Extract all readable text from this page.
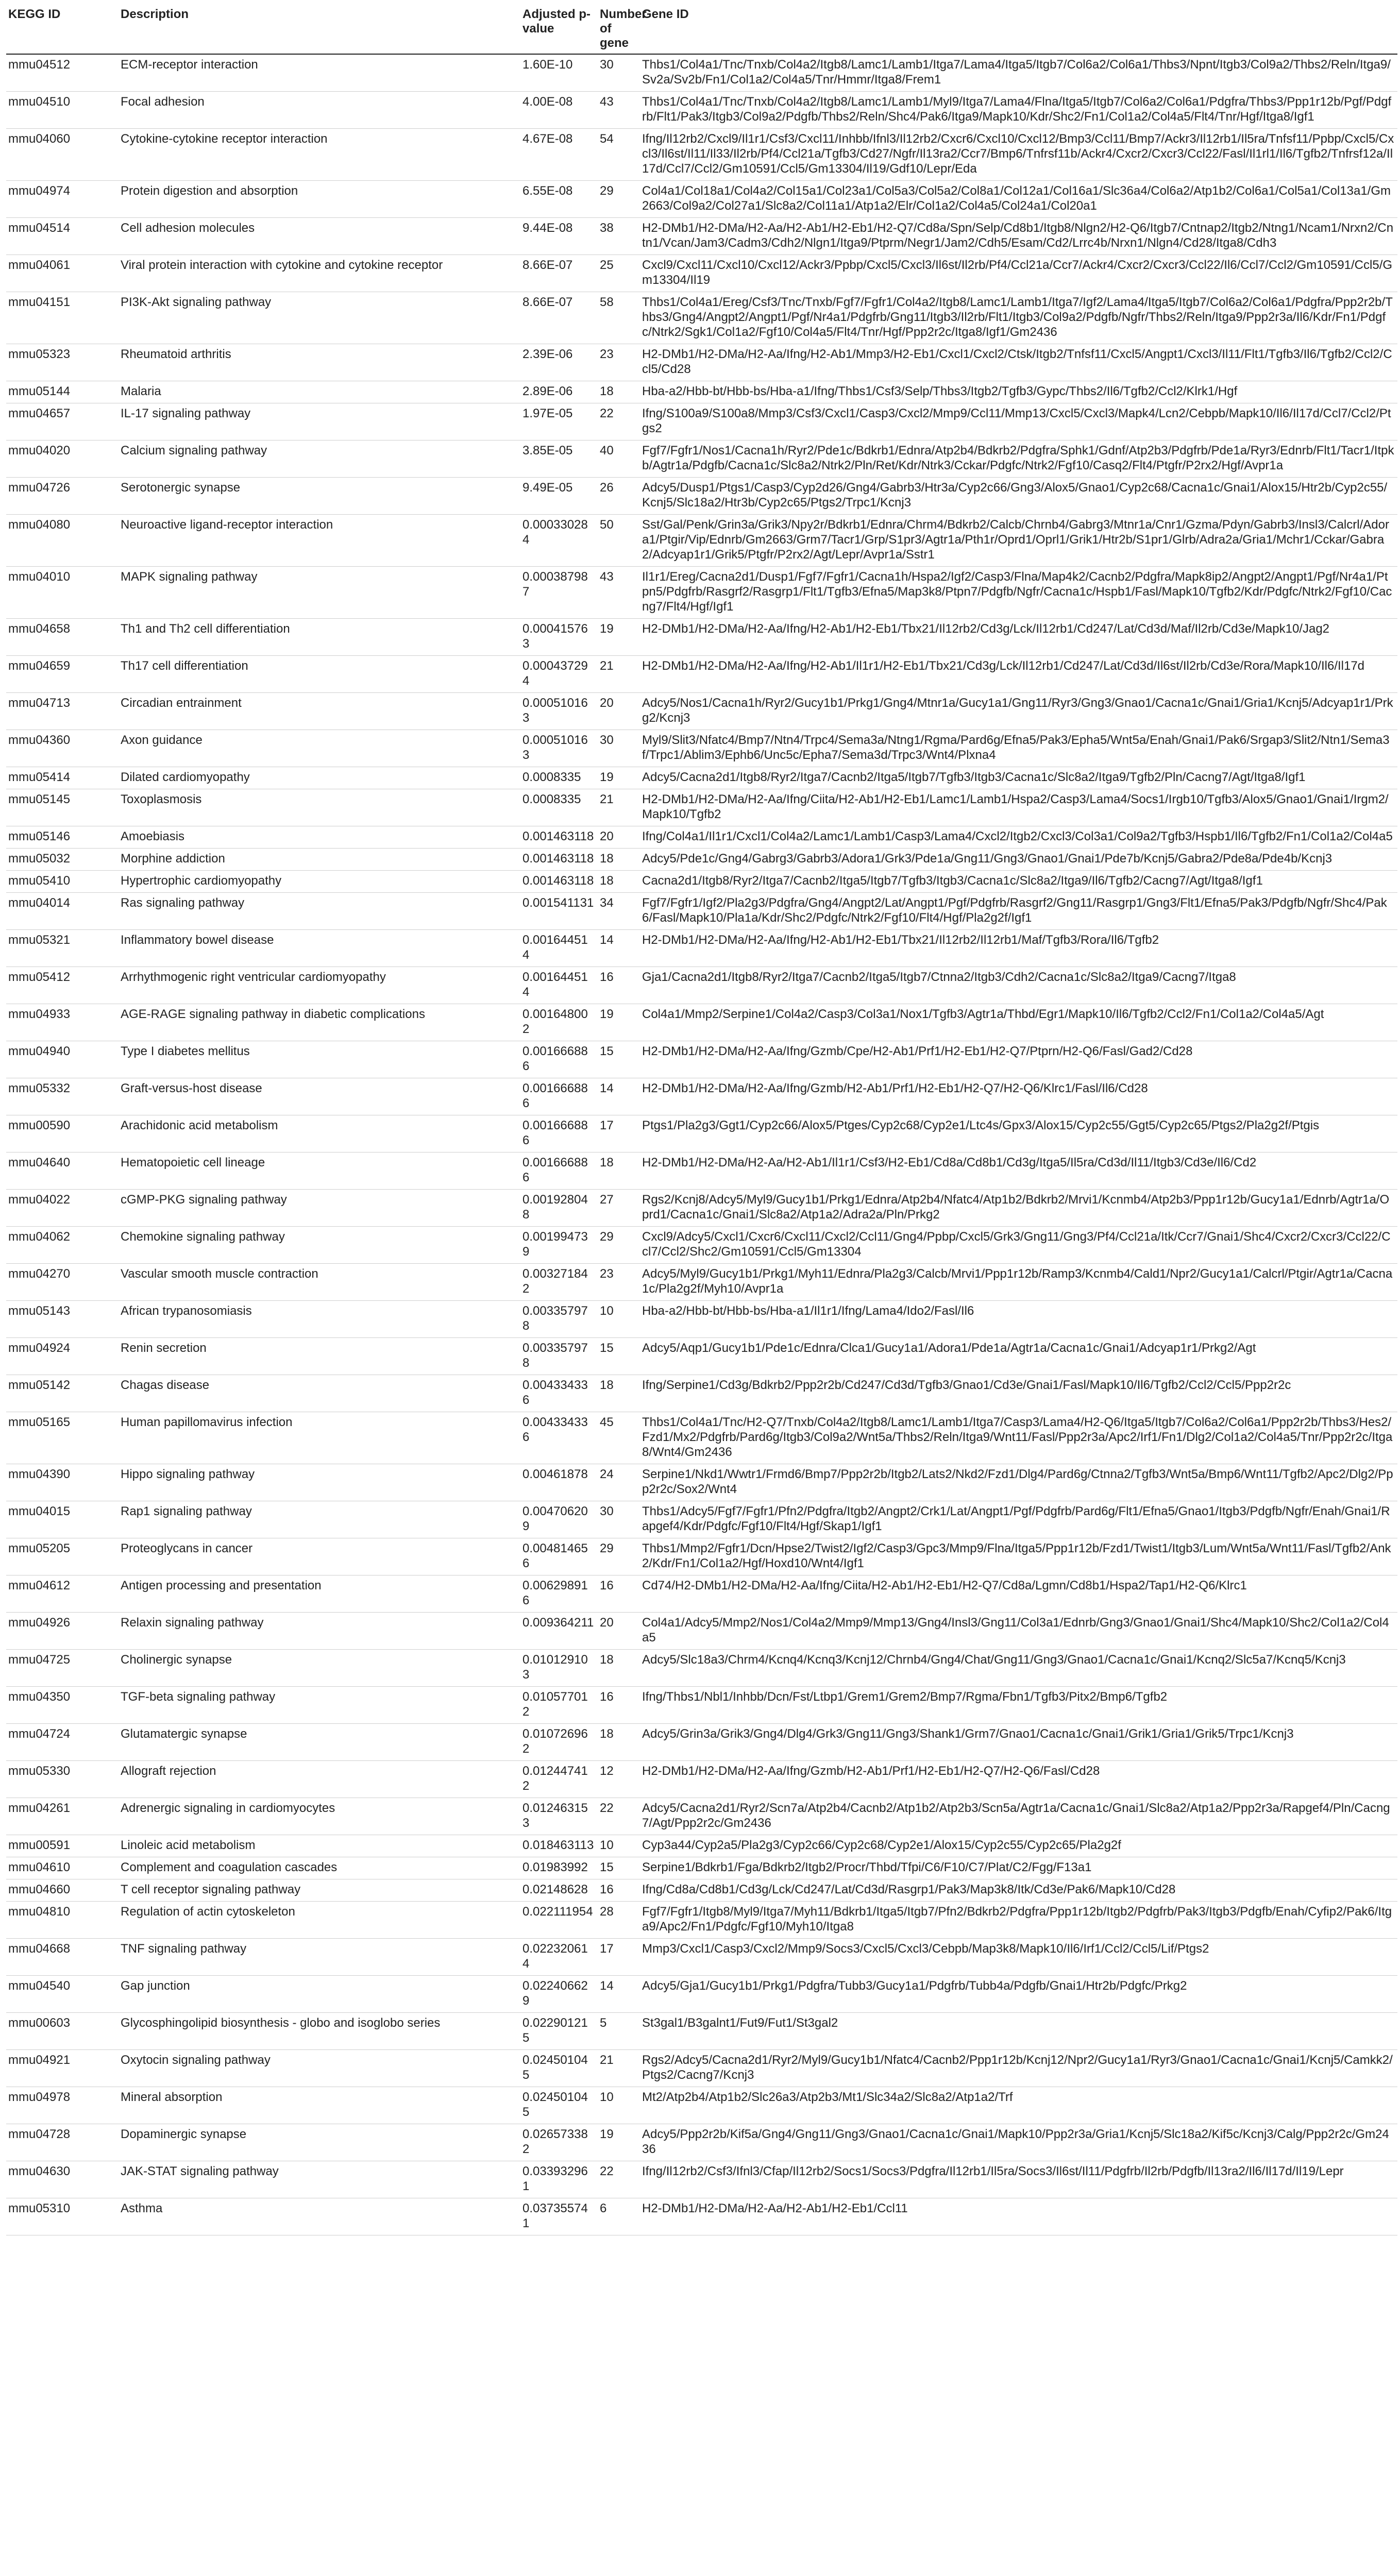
KEGG ID	Description	Adjusted p-value	Number of gene	Gene ID
mmu04512	ECM-receptor interaction	1.60E-10	30	Thbs1/Col4a1/Tnc/Tnxb/Col4a2/Itgb8/Lamc1/Lamb1/Itga7/Lama4/Itga5/Itgb7/Col6a2/Col6a1/Thbs3/Npnt/Itgb3/Col9a2/Thbs2/Reln/Itga9/Sv2a/Sv2b/Fn1/Col1a2/Col4a5/Tnr/Hmmr/Itga8/Frem1
mmu04510	Focal adhesion	4.00E-08	43	Thbs1/Col4a1/Tnc/Tnxb/Col4a2/Itgb8/Lamc1/Lamb1/Myl9/Itga7/Lama4/Flna/Itga5/Itgb7/Col6a2/Col6a1/Pdgfra/Thbs3/Ppp1r12b/Pgf/Pdgfrb/Flt1/Pak3/Itgb3/Col9a2/Pdgfb/Thbs2/Reln/Shc4/Pak6/Itga9/Mapk10/Kdr/Shc2/Fn1/Col1a2/Col4a5/Flt4/Tnr/Hgf/Itga8/Igf1
mmu04060	Cytokine-cytokine receptor interaction	4.67E-08	54	Ifng/Il12rb2/Cxcl9/Il1r1/Csf3/Cxcl11/Inhbb/Ifnl3/Il12rb2/Cxcr6/Cxcl10/Cxcl12/Bmp3/Ccl11/Bmp7/Ackr3/Il12rb1/Il5ra/Tnfsf11/Ppbp/Cxcl5/Cxcl3/Il6st/Il11/Il33/Il2rb/Pf4/Ccl21a/Tgfb3/Cd27/Ngfr/Il13ra2/Ccr7/Bmp6/Tnfrsf11b/Ackr4/Cxcr2/Cxcr3/Ccl22/Fasl/Il1rl1/Il6/Tgfb2/Tnfrsf12a/Il17d/Ccl7/Ccl2/Gm10591/Ccl5/Gm13304/Il19/Gdf10/Lepr/Eda
mmu04974	Protein digestion and absorption	6.55E-08	29	Col4a1/Col18a1/Col4a2/Col15a1/Col23a1/Col5a3/Col5a2/Col8a1/Col12a1/Col16a1/Slc36a4/Col6a2/Atp1b2/Col6a1/Col5a1/Col13a1/Gm2663/Col9a2/Col27a1/Slc8a2/Col11a1/Atp1a2/Elr/Col1a2/Col4a5/Col24a1/Col20a1
mmu04514	Cell adhesion molecules	9.44E-08	38	H2-DMb1/H2-DMa/H2-Aa/H2-Ab1/H2-Eb1/H2-Q7/Cd8a/Spn/Selp/Cd8b1/Itgb8/Nlgn2/H2-Q6/Itgb7/Cntnap2/Itgb2/Ntng1/Ncam1/Nrxn2/Cntn1/Vcan/Jam3/Cadm3/Cdh2/Nlgn1/Itga9/Ptprm/Negr1/Jam2/Cdh5/Esam/Cd2/Lrrc4b/Nrxn1/Nlgn4/Cd28/Itga8/Cdh3
mmu04061	Viral protein interaction with cytokine and cytokine receptor	8.66E-07	25	Cxcl9/Cxcl11/Cxcl10/Cxcl12/Ackr3/Ppbp/Cxcl5/Cxcl3/Il6st/Il2rb/Pf4/Ccl21a/Ccr7/Ackr4/Cxcr2/Cxcr3/Ccl22/Il6/Ccl7/Ccl2/Gm10591/Ccl5/Gm13304/Il19
mmu04151	PI3K-Akt signaling pathway	8.66E-07	58	Thbs1/Col4a1/Ereg/Csf3/Tnc/Tnxb/Fgf7/Fgfr1/Col4a2/Itgb8/Lamc1/Lamb1/Itga7/Igf2/Lama4/Itga5/Itgb7/Col6a2/Col6a1/Pdgfra/Ppp2r2b/Thbs3/Gng4/Angpt2/Angpt1/Pgf/Nr4a1/Pdgfrb/Gng11/Itgb3/Il2rb/Flt1/Itgb3/Col9a2/Pdgfb/Ngfr/Thbs2/Reln/Itga9/Ppp2r3a/Il6/Kdr/Fn1/Pdgfc/Ntrk2/Sgk1/Col1a2/Fgf10/Col4a5/Flt4/Tnr/Hgf/Ppp2r2c/Itga8/Igf1/Gm2436
mmu05323	Rheumatoid arthritis	2.39E-06	23	H2-DMb1/H2-DMa/H2-Aa/Ifng/H2-Ab1/Mmp3/H2-Eb1/Cxcl1/Cxcl2/Ctsk/Itgb2/Tnfsf11/Cxcl5/Angpt1/Cxcl3/Il11/Flt1/Tgfb3/Il6/Tgfb2/Ccl2/Ccl5/Cd28
mmu05144	Malaria	2.89E-06	18	Hba-a2/Hbb-bt/Hbb-bs/Hba-a1/Ifng/Thbs1/Csf3/Selp/Thbs3/Itgb2/Tgfb3/Gypc/Thbs2/Il6/Tgfb2/Ccl2/Klrk1/Hgf
mmu04657	IL-17 signaling pathway	1.97E-05	22	Ifng/S100a9/S100a8/Mmp3/Csf3/Cxcl1/Casp3/Cxcl2/Mmp9/Ccl11/Mmp13/Cxcl5/Cxcl3/Mapk4/Lcn2/Cebpb/Mapk10/Il6/Il17d/Ccl7/Ccl2/Ptgs2
mmu04020	Calcium signaling pathway	3.85E-05	40	Fgf7/Fgfr1/Nos1/Cacna1h/Ryr2/Pde1c/Bdkrb1/Ednra/Atp2b4/Bdkrb2/Pdgfra/Sphk1/Gdnf/Atp2b3/Pdgfrb/Pde1a/Ryr3/Ednrb/Flt1/Tacr1/Itpkb/Agtr1a/Pdgfb/Cacna1c/Slc8a2/Ntrk2/Pln/Ret/Kdr/Ntrk3/Cckar/Pdgfc/Ntrk2/Fgf10/Casq2/Flt4/Ptgfr/P2rx2/Hgf/Avpr1a
mmu04726	Serotonergic synapse	9.49E-05	26	Adcy5/Dusp1/Ptgs1/Casp3/Cyp2d26/Gng4/Gabrb3/Htr3a/Cyp2c66/Gng3/Alox5/Gnao1/Cyp2c68/Cacna1c/Gnai1/Alox15/Htr2b/Cyp2c55/Kcnj5/Slc18a2/Htr3b/Cyp2c65/Ptgs2/Trpc1/Kcnj3
mmu04080	Neuroactive ligand-receptor interaction	0.000330284	50	Sst/Gal/Penk/Grin3a/Grik3/Npy2r/Bdkrb1/Ednra/Chrm4/Bdkrb2/Calcb/Chrnb4/Gabrg3/Mtnr1a/Cnr1/Gzma/Pdyn/Gabrb3/Insl3/Calcrl/Adora1/Ptgir/Vip/Ednrb/Gm2663/Grm7/Tacr1/Grp/S1pr3/Agtr1a/Pth1r/Oprd1/Oprl1/Grik1/Htr2b/S1pr1/Glrb/Adra2a/Gria1/Mchr1/Cckar/Gabra2/Adcyap1r1/Grik5/Ptgfr/P2rx2/Agt/Lepr/Avpr1a/Sstr1
mmu04010	MAPK signaling pathway	0.000387987	43	Il1r1/Ereg/Cacna2d1/Dusp1/Fgf7/Fgfr1/Cacna1h/Hspa2/Igf2/Casp3/Flna/Map4k2/Cacnb2/Pdgfra/Mapk8ip2/Angpt2/Angpt1/Pgf/Nr4a1/Ptpn5/Pdgfrb/Rasgrf2/Rasgrp1/Flt1/Tgfb3/Efna5/Map3k8/Ptpn7/Pdgfb/Ngfr/Cacna1c/Hspb1/Fasl/Mapk10/Tgfb2/Kdr/Pdgfc/Ntrk2/Fgf10/Cacng7/Flt4/Hgf/Igf1
mmu04658	Th1 and Th2 cell differentiation	0.000415763	19	H2-DMb1/H2-DMa/H2-Aa/Ifng/H2-Ab1/H2-Eb1/Tbx21/Il12rb2/Cd3g/Lck/Il12rb1/Cd247/Lat/Cd3d/Maf/Il2rb/Cd3e/Mapk10/Jag2
mmu04659	Th17 cell differentiation	0.000437294	21	H2-DMb1/H2-DMa/H2-Aa/Ifng/H2-Ab1/Il1r1/H2-Eb1/Tbx21/Cd3g/Lck/Il12rb1/Cd247/Lat/Cd3d/Il6st/Il2rb/Cd3e/Rora/Mapk10/Il6/Il17d
mmu04713	Circadian entrainment	0.000510163	20	Adcy5/Nos1/Cacna1h/Ryr2/Gucy1b1/Prkg1/Gng4/Mtnr1a/Gucy1a1/Gng11/Ryr3/Gng3/Gnao1/Cacna1c/Gnai1/Gria1/Kcnj5/Adcyap1r1/Prkg2/Kcnj3
mmu04360	Axon guidance	0.000510163	30	Myl9/Slit3/Nfatc4/Bmp7/Ntn4/Trpc4/Sema3a/Ntng1/Rgma/Pard6g/Efna5/Pak3/Epha5/Wnt5a/Enah/Gnai1/Pak6/Srgap3/Slit2/Ntn1/Sema3f/Trpc1/Ablim3/Ephb6/Unc5c/Epha7/Sema3d/Trpc3/Wnt4/Plxna4
mmu05414	Dilated cardiomyopathy	0.0008335	19	Adcy5/Cacna2d1/Itgb8/Ryr2/Itga7/Cacnb2/Itga5/Itgb7/Tgfb3/Itgb3/Cacna1c/Slc8a2/Itga9/Tgfb2/Pln/Cacng7/Agt/Itga8/Igf1
mmu05145	Toxoplasmosis	0.0008335	21	H2-DMb1/H2-DMa/H2-Aa/Ifng/Ciita/H2-Ab1/H2-Eb1/Lamc1/Lamb1/Hspa2/Casp3/Lama4/Socs1/Irgb10/Tgfb3/Alox5/Gnao1/Gnai1/Irgm2/Mapk10/Tgfb2
mmu05146	Amoebiasis	0.001463118	20	Ifng/Col4a1/Il1r1/Cxcl1/Col4a2/Lamc1/Lamb1/Casp3/Lama4/Cxcl2/Itgb2/Cxcl3/Col3a1/Col9a2/Tgfb3/Hspb1/Il6/Tgfb2/Fn1/Col1a2/Col4a5
mmu05032	Morphine addiction	0.001463118	18	Adcy5/Pde1c/Gng4/Gabrg3/Gabrb3/Adora1/Grk3/Pde1a/Gng11/Gng3/Gnao1/Gnai1/Pde7b/Kcnj5/Gabra2/Pde8a/Pde4b/Kcnj3
mmu05410	Hypertrophic cardiomyopathy	0.001463118	18	Cacna2d1/Itgb8/Ryr2/Itga7/Cacnb2/Itga5/Itgb7/Tgfb3/Itgb3/Cacna1c/Slc8a2/Itga9/Il6/Tgfb2/Cacng7/Agt/Itga8/Igf1
mmu04014	Ras signaling pathway	0.001541131	34	Fgf7/Fgfr1/Igf2/Pla2g3/Pdgfra/Gng4/Angpt2/Lat/Angpt1/Pgf/Pdgfrb/Rasgrf2/Gng11/Rasgrp1/Gng3/Flt1/Efna5/Pak3/Pdgfb/Ngfr/Shc4/Pak6/Fasl/Mapk10/Pla1a/Kdr/Shc2/Pdgfc/Ntrk2/Fgf10/Flt4/Hgf/Pla2g2f/Igf1
mmu05321	Inflammatory bowel disease	0.001644514	14	H2-DMb1/H2-DMa/H2-Aa/Ifng/H2-Ab1/H2-Eb1/Tbx21/Il12rb2/Il12rb1/Maf/Tgfb3/Rora/Il6/Tgfb2
mmu05412	Arrhythmogenic right ventricular cardiomyopathy	0.001644514	16	Gja1/Cacna2d1/Itgb8/Ryr2/Itga7/Cacnb2/Itga5/Itgb7/Ctnna2/Itgb3/Cdh2/Cacna1c/Slc8a2/Itga9/Cacng7/Itga8
mmu04933	AGE-RAGE signaling pathway in diabetic complications	0.001648002	19	Col4a1/Mmp2/Serpine1/Col4a2/Casp3/Col3a1/Nox1/Tgfb3/Agtr1a/Thbd/Egr1/Mapk10/Il6/Tgfb2/Ccl2/Fn1/Col1a2/Col4a5/Agt
mmu04940	Type I diabetes mellitus	0.001666886	15	H2-DMb1/H2-DMa/H2-Aa/Ifng/Gzmb/Cpe/H2-Ab1/Prf1/H2-Eb1/H2-Q7/Ptprn/H2-Q6/Fasl/Gad2/Cd28
mmu05332	Graft-versus-host disease	0.001666886	14	H2-DMb1/H2-DMa/H2-Aa/Ifng/Gzmb/H2-Ab1/Prf1/H2-Eb1/H2-Q7/H2-Q6/Klrc1/Fasl/Il6/Cd28
mmu00590	Arachidonic acid metabolism	0.001666886	17	Ptgs1/Pla2g3/Ggt1/Cyp2c66/Alox5/Ptges/Cyp2c68/Cyp2e1/Ltc4s/Gpx3/Alox15/Cyp2c55/Ggt5/Cyp2c65/Ptgs2/Pla2g2f/Ptgis
mmu04640	Hematopoietic cell lineage	0.001666886	18	H2-DMb1/H2-DMa/H2-Aa/H2-Ab1/Il1r1/Csf3/H2-Eb1/Cd8a/Cd8b1/Cd3g/Itga5/Il5ra/Cd3d/Il11/Itgb3/Cd3e/Il6/Cd2
mmu04022	cGMP-PKG signaling pathway	0.001928048	27	Rgs2/Kcnj8/Adcy5/Myl9/Gucy1b1/Prkg1/Ednra/Atp2b4/Nfatc4/Atp1b2/Bdkrb2/Mrvi1/Kcnmb4/Atp2b3/Ppp1r12b/Gucy1a1/Ednrb/Agtr1a/Oprd1/Cacna1c/Gnai1/Slc8a2/Atp1a2/Adra2a/Pln/Prkg2
mmu04062	Chemokine signaling pathway	0.001994739	29	Cxcl9/Adcy5/Cxcl1/Cxcr6/Cxcl11/Cxcl2/Ccl11/Gng4/Ppbp/Cxcl5/Grk3/Gng11/Gng3/Pf4/Ccl21a/Itk/Ccr7/Gnai1/Shc4/Cxcr2/Cxcr3/Ccl22/Ccl7/Ccl2/Shc2/Gm10591/Ccl5/Gm13304
mmu04270	Vascular smooth muscle contraction	0.003271842	23	Adcy5/Myl9/Gucy1b1/Prkg1/Myh11/Ednra/Pla2g3/Calcb/Mrvi1/Ppp1r12b/Ramp3/Kcnmb4/Cald1/Npr2/Gucy1a1/Calcrl/Ptgir/Agtr1a/Cacna1c/Pla2g2f/Myh10/Avpr1a
mmu05143	African trypanosomiasis	0.003357978	10	Hba-a2/Hbb-bt/Hbb-bs/Hba-a1/Il1r1/Ifng/Lama4/Ido2/Fasl/Il6
mmu04924	Renin secretion	0.003357978	15	Adcy5/Aqp1/Gucy1b1/Pde1c/Ednra/Clca1/Gucy1a1/Adora1/Pde1a/Agtr1a/Cacna1c/Gnai1/Adcyap1r1/Prkg2/Agt
mmu05142	Chagas disease	0.004334336	18	Ifng/Serpine1/Cd3g/Bdkrb2/Ppp2r2b/Cd247/Cd3d/Tgfb3/Gnao1/Cd3e/Gnai1/Fasl/Mapk10/Il6/Tgfb2/Ccl2/Ccl5/Ppp2r2c
mmu05165	Human papillomavirus infection	0.004334336	45	Thbs1/Col4a1/Tnc/H2-Q7/Tnxb/Col4a2/Itgb8/Lamc1/Lamb1/Itga7/Casp3/Lama4/H2-Q6/Itga5/Itgb7/Col6a2/Col6a1/Ppp2r2b/Thbs3/Hes2/Fzd1/Mx2/Pdgfrb/Pard6g/Itgb3/Col9a2/Wnt5a/Thbs2/Reln/Itga9/Wnt11/Fasl/Ppp2r3a/Apc2/Irf1/Fn1/Dlg2/Col1a2/Col4a5/Tnr/Ppp2r2c/Itga8/Wnt4/Gm2436
mmu04390	Hippo signaling pathway	0.00461878	24	Serpine1/Nkd1/Wwtr1/Frmd6/Bmp7/Ppp2r2b/Itgb2/Lats2/Nkd2/Fzd1/Dlg4/Pard6g/Ctnna2/Tgfb3/Wnt5a/Bmp6/Wnt11/Tgfb2/Apc2/Dlg2/Ppp2r2c/Sox2/Wnt4
mmu04015	Rap1 signaling pathway	0.004706209	30	Thbs1/Adcy5/Fgf7/Fgfr1/Pfn2/Pdgfra/Itgb2/Angpt2/Crk1/Lat/Angpt1/Pgf/Pdgfrb/Pard6g/Flt1/Efna5/Gnao1/Itgb3/Pdgfb/Ngfr/Enah/Gnai1/Rapgef4/Kdr/Pdgfc/Fgf10/Flt4/Hgf/Skap1/Igf1
mmu05205	Proteoglycans in cancer	0.004814656	29	Thbs1/Mmp2/Fgfr1/Dcn/Hpse2/Twist2/Igf2/Casp3/Gpc3/Mmp9/Flna/Itga5/Ppp1r12b/Fzd1/Twist1/Itgb3/Lum/Wnt5a/Wnt11/Fasl/Tgfb2/Ank2/Kdr/Fn1/Col1a2/Hgf/Hoxd10/Wnt4/Igf1
mmu04612	Antigen processing and presentation	0.006298916	16	Cd74/H2-DMb1/H2-DMa/H2-Aa/Ifng/Ciita/H2-Ab1/H2-Eb1/H2-Q7/Cd8a/Lgmn/Cd8b1/Hspa2/Tap1/H2-Q6/Klrc1
mmu04926	Relaxin signaling pathway	0.009364211	20	Col4a1/Adcy5/Mmp2/Nos1/Col4a2/Mmp9/Mmp13/Gng4/Insl3/Gng11/Col3a1/Ednrb/Gng3/Gnao1/Gnai1/Shc4/Mapk10/Shc2/Col1a2/Col4a5
mmu04725	Cholinergic synapse	0.010129103	18	Adcy5/Slc18a3/Chrm4/Kcnq4/Kcnq3/Kcnj12/Chrnb4/Gng4/Chat/Gng11/Gng3/Gnao1/Cacna1c/Gnai1/Kcnq2/Slc5a7/Kcnq5/Kcnj3
mmu04350	TGF-beta signaling pathway	0.010577012	16	Ifng/Thbs1/Nbl1/Inhbb/Dcn/Fst/Ltbp1/Grem1/Grem2/Bmp7/Rgma/Fbn1/Tgfb3/Pitx2/Bmp6/Tgfb2
mmu04724	Glutamatergic synapse	0.010726962	18	Adcy5/Grin3a/Grik3/Gng4/Dlg4/Grk3/Gng11/Gng3/Shank1/Grm7/Gnao1/Cacna1c/Gnai1/Grik1/Gria1/Grik5/Trpc1/Kcnj3
mmu05330	Allograft rejection	0.012447412	12	H2-DMb1/H2-DMa/H2-Aa/Ifng/Gzmb/H2-Ab1/Prf1/H2-Eb1/H2-Q7/H2-Q6/Fasl/Cd28
mmu04261	Adrenergic signaling in cardiomyocytes	0.012463153	22	Adcy5/Cacna2d1/Ryr2/Scn7a/Atp2b4/Cacnb2/Atp1b2/Atp2b3/Scn5a/Agtr1a/Cacna1c/Gnai1/Slc8a2/Atp1a2/Ppp2r3a/Rapgef4/Pln/Cacng7/Agt/Ppp2r2c/Gm2436
mmu00591	Linoleic acid metabolism	0.018463113	10	Cyp3a44/Cyp2a5/Pla2g3/Cyp2c66/Cyp2c68/Cyp2e1/Alox15/Cyp2c55/Cyp2c65/Pla2g2f
mmu04610	Complement and coagulation cascades	0.01983992	15	Serpine1/Bdkrb1/Fga/Bdkrb2/Itgb2/Procr/Thbd/Tfpi/C6/F10/C7/Plat/C2/Fgg/F13a1
mmu04660	T cell receptor signaling pathway	0.02148628	16	Ifng/Cd8a/Cd8b1/Cd3g/Lck/Cd247/Lat/Cd3d/Rasgrp1/Pak3/Map3k8/Itk/Cd3e/Pak6/Mapk10/Cd28
mmu04810	Regulation of actin cytoskeleton	0.022111954	28	Fgf7/Fgfr1/Itgb8/Myl9/Itga7/Myh11/Bdkrb1/Itga5/Itgb7/Pfn2/Bdkrb2/Pdgfra/Ppp1r12b/Itgb2/Pdgfrb/Pak3/Itgb3/Pdgfb/Enah/Cyfip2/Pak6/Itga9/Apc2/Fn1/Pdgfc/Fgf10/Myh10/Itga8
mmu04668	TNF signaling pathway	0.022320614	17	Mmp3/Cxcl1/Casp3/Cxcl2/Mmp9/Socs3/Cxcl5/Cxcl3/Cebpb/Map3k8/Mapk10/Il6/Irf1/Ccl2/Ccl5/Lif/Ptgs2
mmu04540	Gap junction	0.022406629	14	Adcy5/Gja1/Gucy1b1/Prkg1/Pdgfra/Tubb3/Gucy1a1/Pdgfrb/Tubb4a/Pdgfb/Gnai1/Htr2b/Pdgfc/Prkg2
mmu00603	Glycosphingolipid biosynthesis - globo and isoglobo series	0.022901215	5	St3gal1/B3galnt1/Fut9/Fut1/St3gal2
mmu04921	Oxytocin signaling pathway	0.024501045	21	Rgs2/Adcy5/Cacna2d1/Ryr2/Myl9/Gucy1b1/Nfatc4/Cacnb2/Ppp1r12b/Kcnj12/Npr2/Gucy1a1/Ryr3/Gnao1/Cacna1c/Gnai1/Kcnj5/Camkk2/Ptgs2/Cacng7/Kcnj3
mmu04978	Mineral absorption	0.024501045	10	Mt2/Atp2b4/Atp1b2/Slc26a3/Atp2b3/Mt1/Slc34a2/Slc8a2/Atp1a2/Trf
mmu04728	Dopaminergic synapse	0.026573382	19	Adcy5/Ppp2r2b/Kif5a/Gng4/Gng11/Gng3/Gnao1/Cacna1c/Gnai1/Mapk10/Ppp2r3a/Gria1/Kcnj5/Slc18a2/Kif5c/Kcnj3/Calg/Ppp2r2c/Gm2436
mmu04630	JAK-STAT signaling pathway	0.033932961	22	Ifng/Il12rb2/Csf3/Ifnl3/Cfap/Il12rb2/Socs1/Socs3/Pdgfra/Il12rb1/Il5ra/Socs3/Il6st/Il11/Pdgfrb/Il2rb/Pdgfb/Il13ra2/Il6/Il17d/Il19/Lepr
mmu05310	Asthma	0.037355741	6	H2-DMb1/H2-DMa/H2-Aa/H2-Ab1/H2-Eb1/Ccl11
